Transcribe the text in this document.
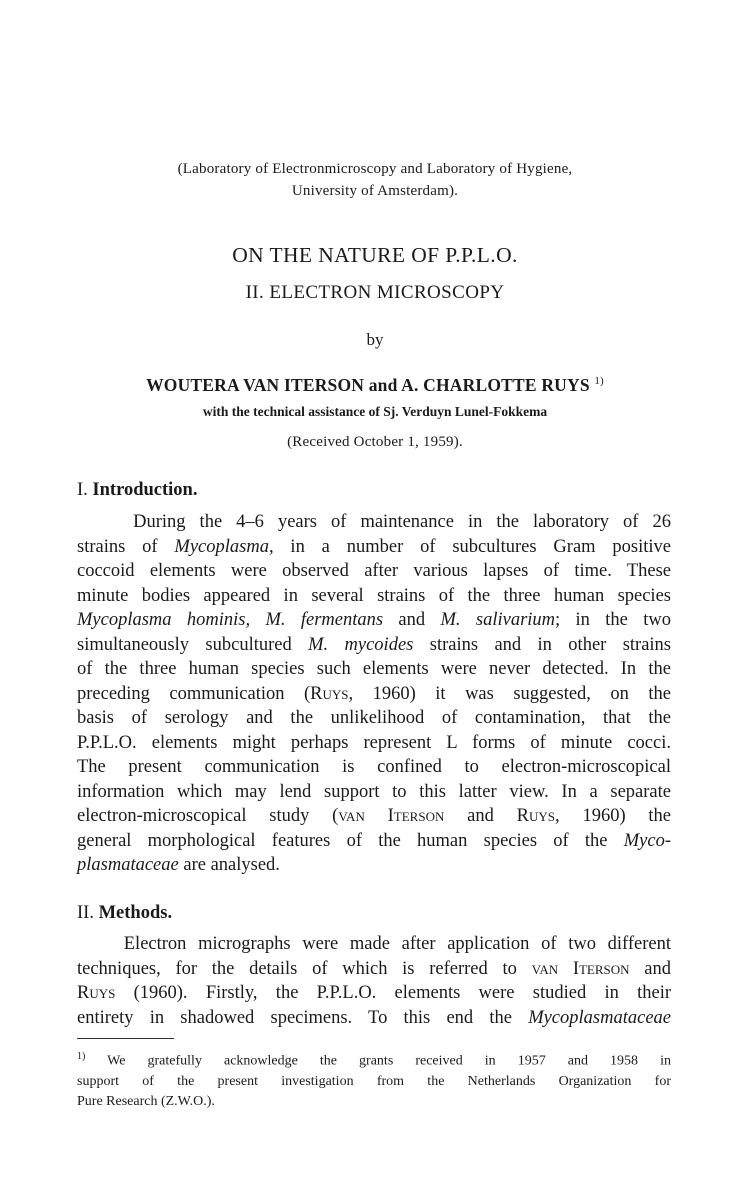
(Laboratory of Electronmicroscopy and Laboratory of Hygiene,
University of Amsterdam).
ON THE NATURE OF P.P.L.O.
II. ELECTRON MICROSCOPY
by
WOUTERA VAN ITERSON and A. CHARLOTTE RUYS $^{1)}$
with the technical assistance of Sj. Verduyn Lunel-Fokkema
(Received October 1, 1959).
I. Introduction.
During the 4–6 years of maintenance in the laboratory of 26
strains of Mycoplasma, in a number of subcultures Gram positive
coccoid elements were observed after various lapses of time. These
minute bodies appeared in several strains of the three human species
Mycoplasma hominis, M. fermentans and M. salivarium; in the two
simultaneously subcultured M. mycoides strains and in other strains
of the three human species such elements were never detected. In the
preceding communication (Ruys, 1960) it was suggested, on the
basis of serology and the unlikelihood of contamination, that the
P.P.L.O. elements might perhaps represent L forms of minute cocci.
The present communication is confined to electron-microscopical
information which may lend support to this latter view. In a separate
electron-microscopical study (van Iterson and Ruys, 1960) the
general morphological features of the human species of the Myco-
plasmataceae are analysed.
II. Methods.
Electron micrographs were made after application of two different
techniques, for the details of which is referred to van Iterson and
Ruys (1960). Firstly, the P.P.L.O. elements were studied in their
entirety in shadowed specimens. To this end the Mycoplasmataceae
$^{1)}$ We gratefully acknowledge the grants received in 1957 and 1958 in
support of the present investigation from the Netherlands Organization for
Pure Research (Z.W.O.).
